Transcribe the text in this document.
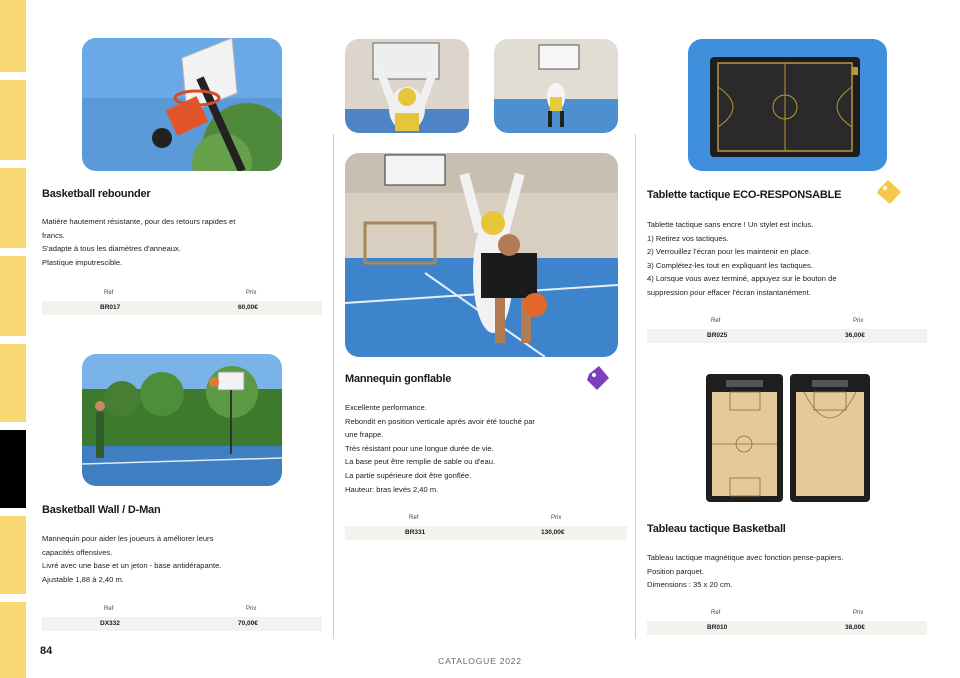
Basketball rebounder
Matière hautement résistante, pour des retours rapides et
francs.
S'adapte à tous les diamètres d'anneaux.
Plastique imputrescible.
Ref	Prix
BR017	60,00€
Basketball Wall / D-Man
Mannequin pour aider les joueurs à améliorer leurs
capacités offensives.
Livré avec une base et un jeton - base antidérapante.
Ajustable 1,88 à 2,40 m.
Ref	Prix
DX332	70,00€
Mannequin gonflable
Excellente performance.
Rebondit en position verticale après avoir été touché par
une frappe.
Très résistant pour une longue durée de vie.
La base peut être remplie de sable ou d'eau.
La partie supérieure doit être gonflée.
Hauteur: bras levés 2,40 m.
Ref	Prix
BR331	130,00€
Tablette tactique ECO-RESPONSABLE
Tablette tactique sans encre ! Un stylet est inclus.
1) Retirez vos tactiques.
2) Verrouillez l'écran pour les maintenir en place.
3) Complétez-les tout en expliquant les tactiques.
4) Lorsque vous avez terminé, appuyez sur le bouton de
suppression pour effacer l'écran instantanément.
Ref	Prix
BR025	36,00€
Tableau tactique Basketball
Tableau tactique magnétique avec fonction pense-papiers.
Position parquet.
Dimensions : 35 x 20 cm.
Ref	Prix
BR010	38,00€
84
CATALOGUE 2022
